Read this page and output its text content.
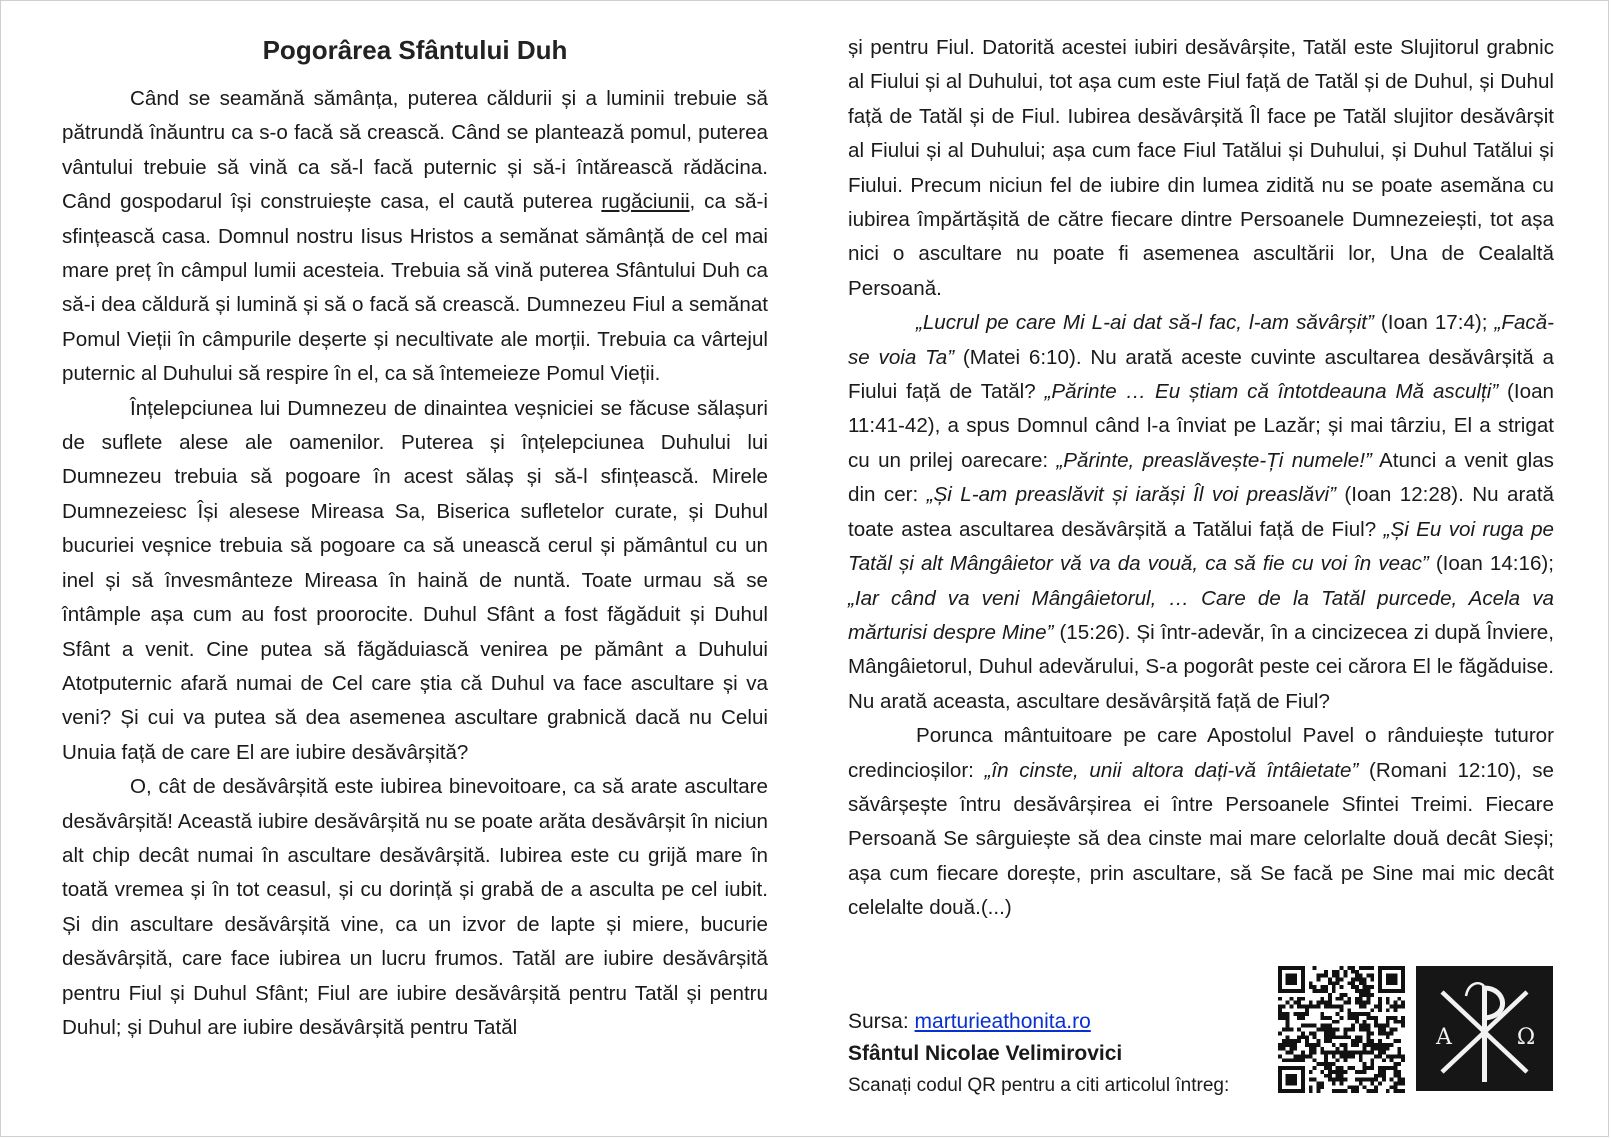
Pogorârea Sfântului Duh

Când se seamănă sămânța, puterea căldurii și a luminii trebuie să pătrundă înăuntru ca s-o facă să crească. Când se plantează pomul, puterea vântului trebuie să vină ca să-l facă puternic și să-i întărească rădăcina. Când gospodarul își construiește casa, el caută puterea rugăciunii, ca să-i sfințească casa. Domnul nostru Iisus Hristos a semănat sămânță de cel mai mare preț în câmpul lumii acesteia. Trebuia să vină puterea Sfântului Duh ca să-i dea căldură și lumină și să o facă să crească. Dumnezeu Fiul a semănat Pomul Vieții în câmpurile deșerte și necultivate ale morții. Trebuia ca vârtejul puternic al Duhului să respire în el, ca să întemeieze Pomul Vieții.

Înțelepciunea lui Dumnezeu de dinaintea veșniciei se făcuse sălașuri de suflete alese ale oamenilor. Puterea și înțelepciunea Duhului lui Dumnezeu trebuia să pogoare în acest sălaș și să-l sfințească. Mirele Dumnezeiesc Își alesese Mireasa Sa, Biserica sufletelor curate, și Duhul bucuriei veșnice trebuia să pogoare ca să unească cerul și pământul cu un inel și să învesmânteze Mireasa în haină de nuntă. Toate urmau să se întâmple așa cum au fost proorocite. Duhul Sfânt a fost făgăduit și Duhul Sfânt a venit. Cine putea să făgăduiască venirea pe pământ a Duhului Atotputernic afară numai de Cel care știa că Duhul va face ascultare și va veni? Și cui va putea să dea asemenea ascultare grabnică dacă nu Celui Unuia față de care El are iubire desăvârșită?

O, cât de desăvârșită este iubirea binevoitoare, ca să arate ascultare desăvârșită! Această iubire desăvârșită nu se poate arăta desăvârșit în niciun alt chip decât numai în ascultare desăvârșită. Iubirea este cu grijă mare în toată vremea și în tot ceasul, și cu dorință și grabă de a asculta pe cel iubit. Și din ascultare desăvârșită vine, ca un izvor de lapte și miere, bucurie desăvârșită, care face iubirea un lucru frumos. Tatăl are iubire desăvârșită pentru Fiul și Duhul Sfânt; Fiul are iubire desăvârșită pentru Tatăl și pentru Duhul; și Duhul are iubire desăvârșită pentru Tatăl

și pentru Fiul. Datorită acestei iubiri desăvârșite, Tatăl este Slujitorul grabnic al Fiului și al Duhului, tot așa cum este Fiul față de Tatăl și de Duhul, și Duhul față de Tatăl și de Fiul. Iubirea desăvârșită Îl face pe Tatăl slujitor desăvârșit al Fiului și al Duhului; așa cum face Fiul Tatălui și Duhului, și Duhul Tatălui și Fiului. Precum niciun fel de iubire din lumea zidită nu se poate asemăna cu iubirea împărtășită de către fiecare dintre Persoanele Dumnezeiești, tot așa nici o ascultare nu poate fi asemenea ascultării lor, Una de Cealaltă Persoană.

„Lucrul pe care Mi L-ai dat să-l fac, l-am săvârșit” (Ioan 17:4); „Facă-se voia Ta” (Matei 6:10). Nu arată aceste cuvinte ascultarea desăvârșită a Fiului față de Tatăl? „Părinte … Eu știam că întotdeauna Mă asculți” (Ioan 11:41-42), a spus Domnul când l-a înviat pe Lazăr; și mai târziu, El a strigat cu un prilej oarecare: „Părinte, preaslăvește-Ți numele!” Atunci a venit glas din cer: „Și L-am preaslăvit și iarăși Îl voi preaslăvi” (Ioan 12:28). Nu arată toate astea ascultarea desăvârșită a Tatălui față de Fiul? „Și Eu voi ruga pe Tatăl și alt Mângâietor vă va da vouă, ca să fie cu voi în veac” (Ioan 14:16); „Iar când va veni Mângâietorul, … Care de la Tatăl purcede, Acela va mărturisi despre Mine” (15:26). Și într-adevăr, în a cincizecea zi după Înviere, Mângâietorul, Duhul adevărului, S-a pogorât peste cei cărora El le făgăduise. Nu arată aceasta, ascultare desăvârșită față de Fiul?

Porunca mântuitoare pe care Apostolul Pavel o rânduiește tuturor credincioșilor: „în cinste, unii altora dați-vă întâietate” (Romani 12:10), se săvârșește întru desăvârșirea ei între Persoanele Sfintei Treimi. Fiecare Persoană Se sârguiește să dea cinste mai mare celorlalte două decât Sieși; așa cum fiecare dorește, prin ascultare, să Se facă pe Sine mai mic decât celelalte două.(...)

Sursa: marturieathonita.ro
Sfântul Nicolae Velimirovici
Scanați codul QR pentru a citi articolul întreg:
Α	Ω
